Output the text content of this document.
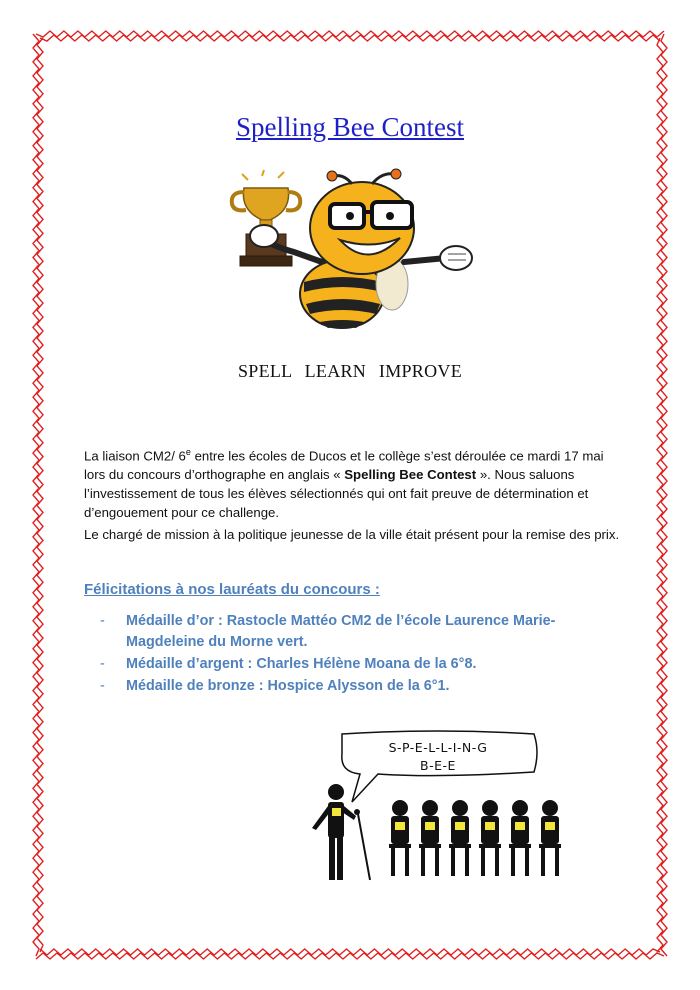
Spelling Bee Contest
SPELL LEARN IMPROVE

La liaison CM2/ 6e entre les écoles de Ducos et le collège s’est déroulée ce mardi 17 mai lors du concours d’orthographe en anglais « Spelling Bee Contest ». Nous saluons l’investissement de tous les élèves sélectionnés qui ont fait preuve de détermination et d’engouement pour ce challenge.

Le chargé de mission à la politique jeunesse de la ville était présent pour la remise des prix.

Félicitations à nos lauréats du concours :
- Médaille d’or : Rastocle Mattéo CM2 de l’école Laurence Marie-Magdeleine du Morne vert.
- Médaille d’argent : Charles Hélène Moana de la 6°8.
- Médaille de bronze : Hospice Alysson de la 6°1.
S-P-E-L-L-I-N-G
B-E-E
